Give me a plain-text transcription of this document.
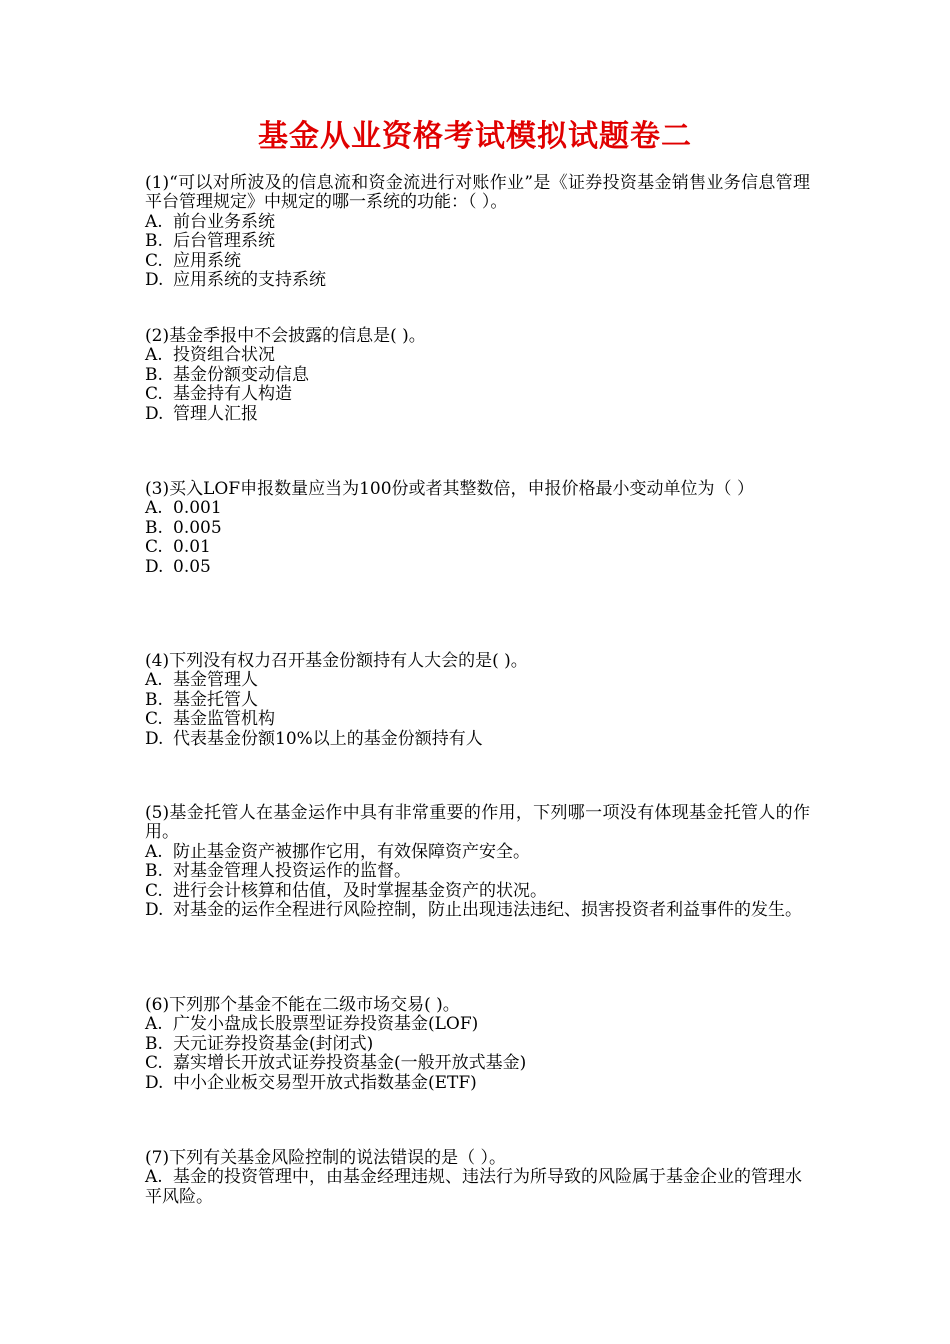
基金从业资格考试模拟试题卷二

(1)“可以对所波及的信息流和资金流进行对账作业”是《证券投资基金销售业务信息管理平台管理规定》中规定的哪一系统的功能：（ ）。

A. 前台业务系统
B. 后台管理系统
C. 应用系统
D. 应用系统的支持系统

(2)基金季报中不会披露的信息是( )。

A. 投资组合状况
B. 基金份额变动信息
C. 基金持有人构造
D. 管理人汇报

(3)买入LOF申报数量应当为100份或者其整数倍，申报价格最小变动单位为（ ）

A. 0.001
B. 0.005
C. 0.01
D. 0.05

(4)下列没有权力召开基金份额持有人大会的是( )。

A. 基金管理人
B. 基金托管人
C. 基金监管机构
D. 代表基金份额10%以上的基金份额持有人

(5)基金托管人在基金运作中具有非常重要的作用，下列哪一项没有体现基金托管人的作用。

A. 防止基金资产被挪作它用，有效保障资产安全。
B. 对基金管理人投资运作的监督。
C. 进行会计核算和估值，及时掌握基金资产的状况。
D. 对基金的运作全程进行风险控制，防止出现违法违纪、损害投资者利益事件的发生。

(6)下列那个基金不能在二级市场交易( )。

A. 广发小盘成长股票型证券投资基金(LOF)
B. 天元证券投资基金(封闭式)
C. 嘉实增长开放式证券投资基金(一般开放式基金)
D. 中小企业板交易型开放式指数基金(ETF)

(7)下列有关基金风险控制的说法错误的是（ ）。

A. 基金的投资管理中，由基金经理违规、违法行为所导致的风险属于基金企业的管理水平风险。
